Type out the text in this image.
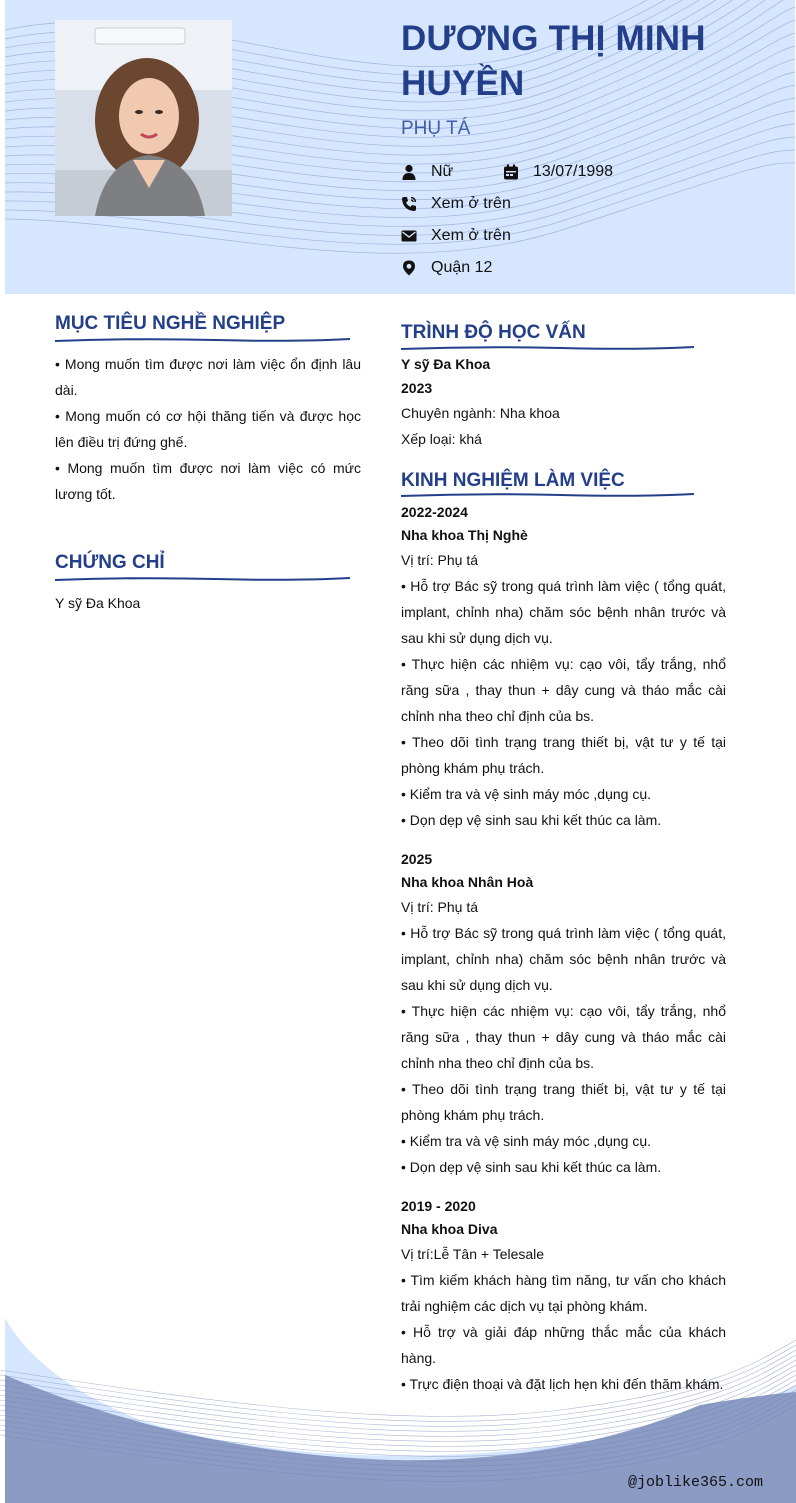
DƯƠNG THỊ MINH HUYỀN
PHỤ TÁ
Nữ	13/07/1998
Xem ở trên
Xem ở trên
Quận 12
MỤC TIÊU NGHỀ NGHIỆP

• Mong muốn tìm được nơi làm việc ổn định lâu dài.

• Mong muốn có cơ hội thăng tiến và được học lên điều trị đứng ghế.

• Mong muốn tìm được nơi làm việc có mức lương tốt.

CHỨNG CHỈ

Y sỹ Đa Khoa

TRÌNH ĐỘ HỌC VẤN

Y sỹ Đa Khoa

2023

Chuyên ngành: Nha khoa

Xếp loại: khá

KINH NGHIỆM LÀM VIỆC

2022-2024

Nha khoa Thị Nghè

Vị trí: Phụ tá

• Hỗ trợ Bác sỹ trong quá trình làm việc ( tổng quát, implant, chỉnh nha) chăm sóc bệnh nhân trước và sau khi sử dụng dịch vụ.

• Thực hiện các nhiệm vụ: cạo vôi, tẩy trắng, nhổ răng sữa , thay thun + dây cung và tháo mắc cài chỉnh nha theo chỉ định của bs.

• Theo dõi tình trạng trang thiết bị, vật tư y tế tại phòng khám phụ trách.

• Kiểm tra và vệ sinh máy móc ,dụng cụ.

• Dọn dẹp vệ sinh sau khi kết thúc ca làm.

2025

Nha khoa Nhân Hoà

Vị trí: Phụ tá

• Hỗ trợ Bác sỹ trong quá trình làm việc ( tổng quát, implant, chỉnh nha) chăm sóc bệnh nhân trước và sau khi sử dụng dịch vụ.

• Thực hiện các nhiệm vụ: cạo vôi, tẩy trắng, nhổ răng sữa , thay thun + dây cung và tháo mắc cài chỉnh nha theo chỉ định của bs.

• Theo dõi tình trạng trang thiết bị, vật tư y tế tại phòng khám phụ trách.

• Kiểm tra và vệ sinh máy móc ,dụng cụ.

• Dọn dẹp vệ sinh sau khi kết thúc ca làm.

2019 - 2020

Nha khoa Diva

Vị trí:Lễ Tân + Telesale

• Tìm kiếm khách hàng tìm năng, tư vấn cho khách trải nghiệm các dịch vụ tại phòng khám.

• Hỗ trợ và giải đáp những thắc mắc của khách hàng.

• Trực điện thoại và đặt lịch hẹn khi đến thăm khám.

@joblike365.com
